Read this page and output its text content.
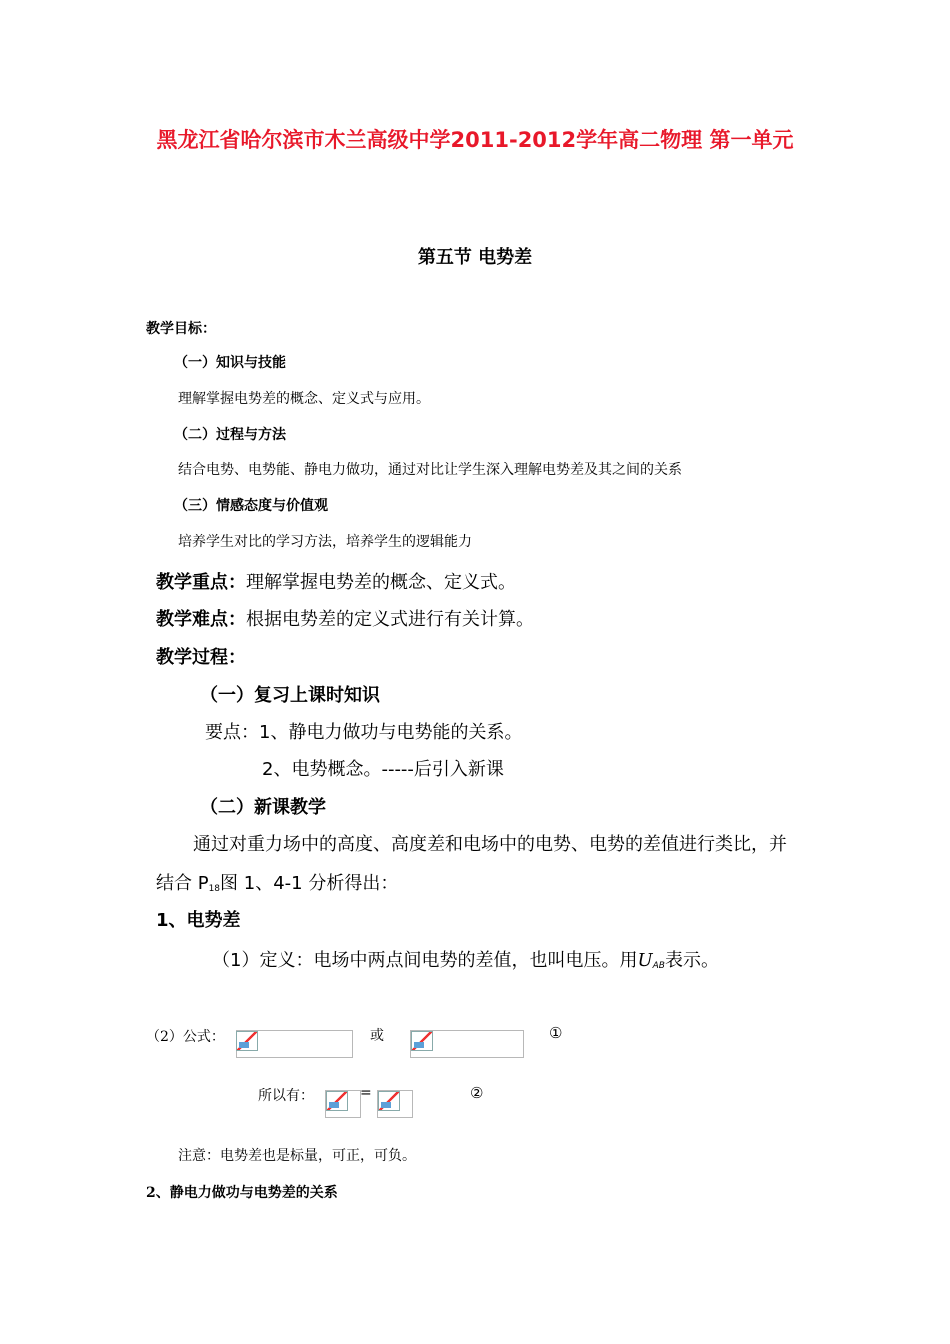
黑龙江省哈尔滨市木兰高级中学2011-2012学年高二物理 第一单元
第五节 电势差
教学目标：
（一）知识与技能
理解掌握电势差的概念、定义式与应用。
（二）过程与方法
结合电势、电势能、静电力做功，通过对比让学生深入理解电势差及其之间的关系
（三）情感态度与价值观
培养学生对比的学习方法，培养学生的逻辑能力
教学重点：理解掌握电势差的概念、定义式。
教学难点：根据电势差的定义式进行有关计算。
教学过程：
（一）复习上课时知识
要点：1、静电力做功与电势能的关系。
2、电势概念。-----后引入新课
（二）新课教学
通过对重力场中的高度、高度差和电场中的电势、电势的差值进行类比，并
结合 $P_{18}$图 1、4-1 分析得出：
1、电势差
（1）定义：电场中两点间电势的差值，也叫电压。用$U_{AB}$表示。
（2）公式：	或	①
所以有：	=	②
注意：电势差也是标量，可正，可负。
2、静电力做功与电势差的关系
